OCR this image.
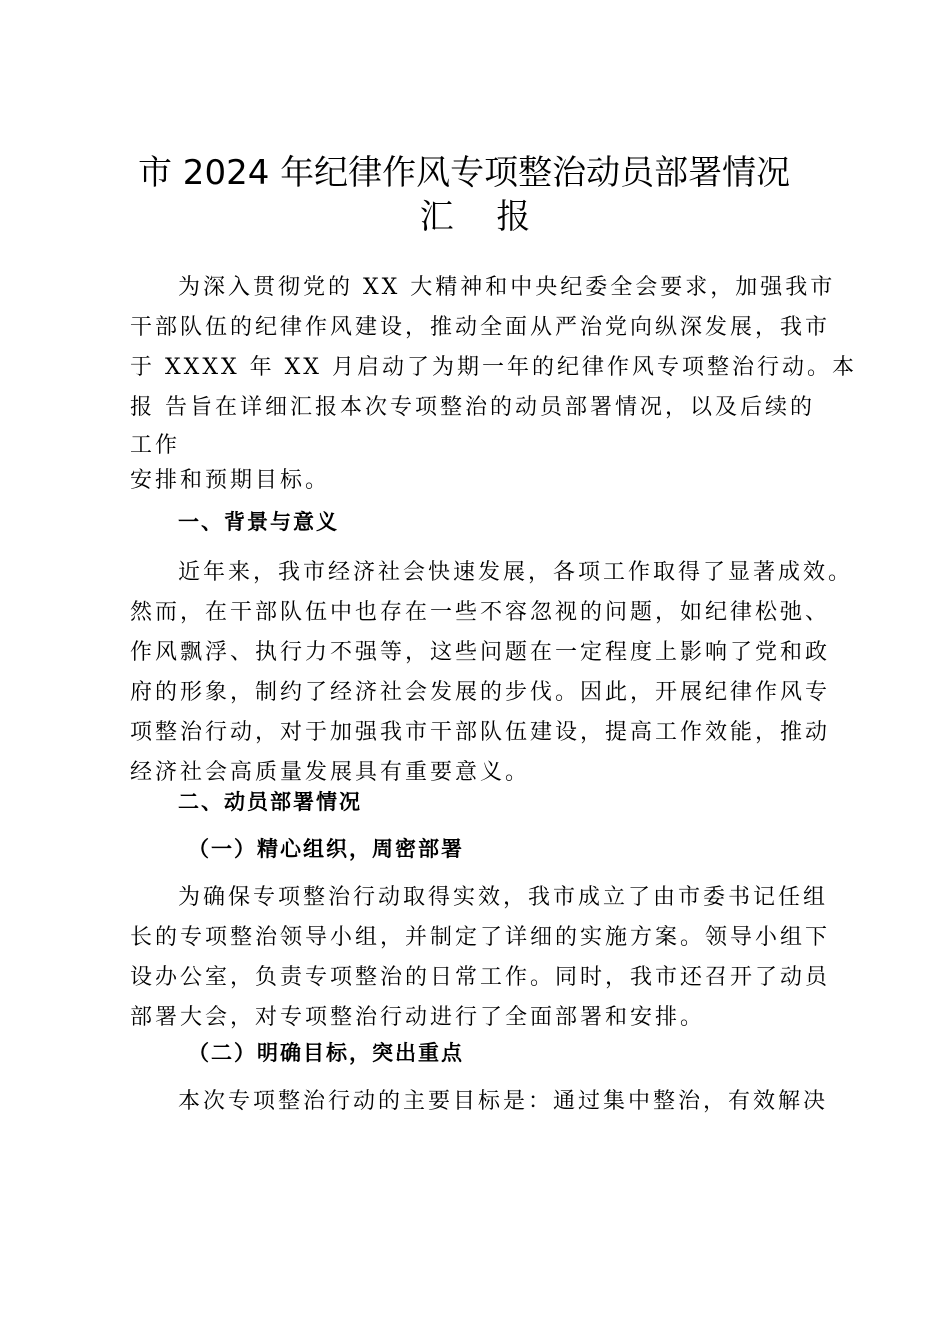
市 2024 年纪律作风专项整治动员部署情况
汇 报
为深入贯彻党的 XX 大精神和中央纪委全会要求，加强我市
干部队伍的纪律作风建设，推动全面从严治党向纵深发展，我市
于 XXXX 年 XX 月启动了为期一年的纪律作风专项整治行动。本
报 告旨在详细汇报本次专项整治的动员部署情况，以及后续的
工作
安排和预期目标。
一、背景与意义
近年来，我市经济社会快速发展，各项工作取得了显著成效。
然而，在干部队伍中也存在一些不容忽视的问题，如纪律松弛、
作风飘浮、执行力不强等，这些问题在一定程度上影响了党和政
府的形象，制约了经济社会发展的步伐。因此，开展纪律作风专
项整治行动，对于加强我市干部队伍建设，提高工作效能，推动
经济社会高质量发展具有重要意义。
二、动员部署情况
（一）精心组织，周密部署
为确保专项整治行动取得实效，我市成立了由市委书记任组
长的专项整治领导小组，并制定了详细的实施方案。领导小组下
设办公室，负责专项整治的日常工作。同时，我市还召开了动员
部署大会，对专项整治行动进行了全面部署和安排。
（二）明确目标，突出重点
本次专项整治行动的主要目标是：通过集中整治，有效解决
